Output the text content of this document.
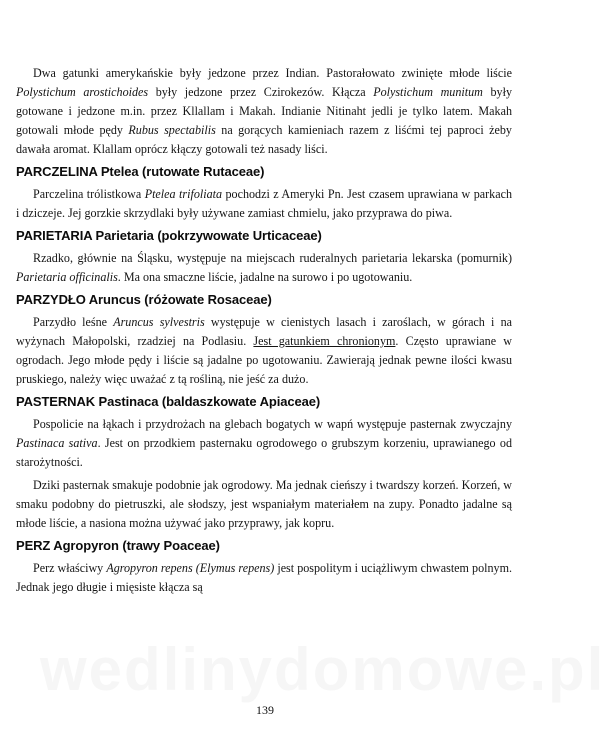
wedlinydomowe.pl

Dwa gatunki amerykańskie były jedzone przez Indian. Pastorałowato zwinięte młode liście Polystichum arostichoides były jedzone przez Czirokezów. Kłącza Polystichum munitum były gotowane i jedzone m.in. przez Kllallam i Makah. Indianie Nitinaht jedli je tylko latem. Makah gotowali młode pędy Rubus spectabilis na gorących kamieniach razem z liśćmi tej paproci żeby dawała aromat. Klallam oprócz kłączy gotowali też nasady liści.

PARCZELINA Ptelea (rutowate Rutaceae)

Parczelina trólistkowa Ptelea trifoliata pochodzi z Ameryki Pn. Jest czasem uprawiana w parkach i dziczeje. Jej gorzkie skrzydlaki były używane zamiast chmielu, jako przyprawa do piwa.

PARIETARIA Parietaria (pokrzywowate Urticaceae)

Rzadko, głównie na Śląsku, występuje na miejscach ruderalnych parietaria lekarska (pomurnik) Parietaria officinalis. Ma ona smaczne liście, jadalne na surowo i po ugotowaniu.

PARZYDŁO Aruncus (różowate Rosaceae)

Parzydło leśne Aruncus sylvestris występuje w cienistych lasach i zaroślach, w górach i na wyżynach Małopolski, rzadziej na Podlasiu. Jest gatunkiem chronionym. Często uprawiane w ogrodach. Jego młode pędy i liście są jadalne po ugotowaniu. Zawierają jednak pewne ilości kwasu pruskiego, należy więc uważać z tą rośliną, nie jeść za dużo.

PASTERNAK Pastinaca (baldaszkowate Apiaceae)

Pospolicie na łąkach i przydrożach na glebach bogatych w wapń występuje pasternak zwyczajny Pastinaca sativa. Jest on przodkiem pasternaku ogrodowego o grubszym korzeniu, uprawianego od starożytności.

Dziki pasternak smakuje podobnie jak ogrodowy. Ma jednak cieńszy i twardszy korzeń. Korzeń, w smaku podobny do pietruszki, ale słodszy, jest wspaniałym materiałem na zupy. Ponadto jadalne są młode liście, a nasiona można używać jako przyprawy, jak kopru.

PERZ Agropyron (trawy Poaceae)

Perz właściwy Agropyron repens (Elymus repens) jest pospolitym i uciążliwym chwastem polnym. Jednak jego długie i mięsiste kłącza są

139
